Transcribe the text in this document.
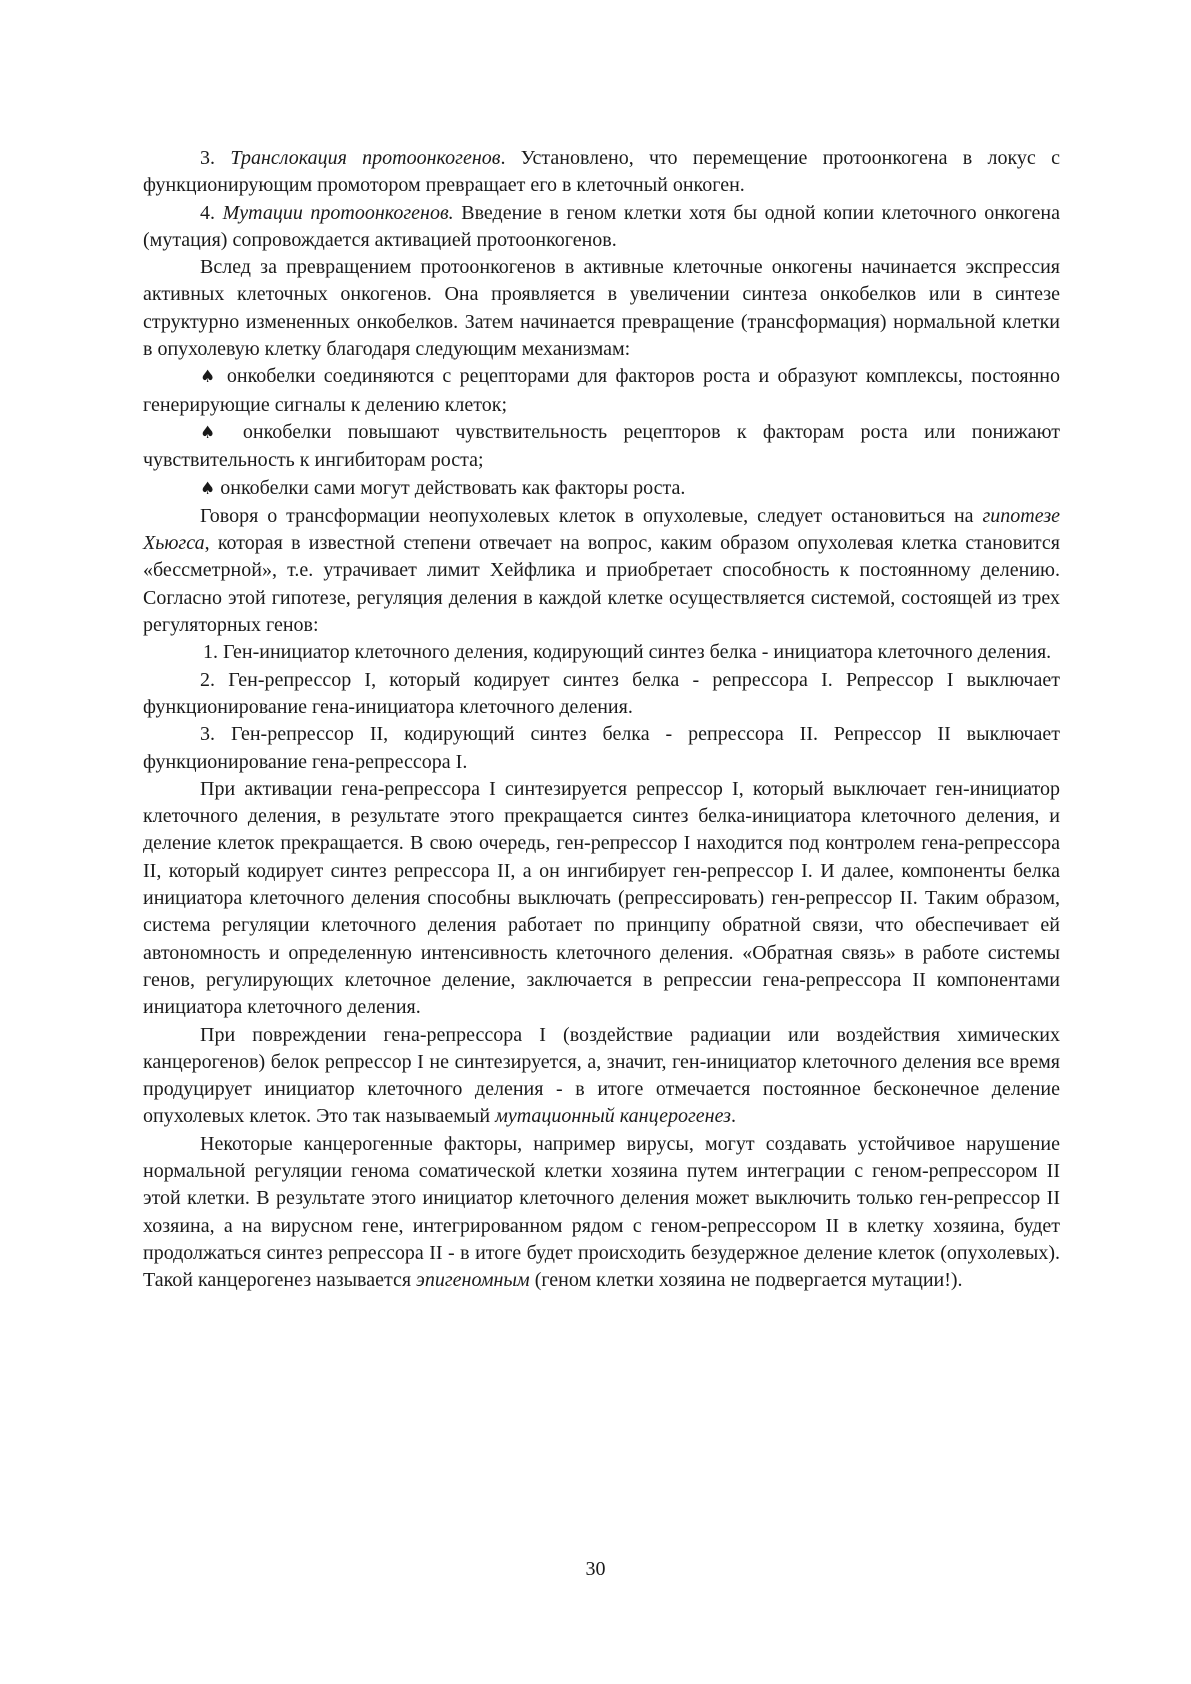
3. Транслокация протоонкогенов. Установлено, что перемещение протоонкогена в локус с функционирующим промотором превращает его в клеточный онкоген.

4. Мутации протоонкогенов. Введение в геном клетки хотя бы одной копии клеточного онкогена (мутация) сопровождается активацией протоонкогенов.

Вслед за превращением протоонкогенов в активные клеточные онкогены начинается экспрессия активных клеточных онкогенов. Она проявляется в увеличении синтеза онкобелков или в синтезе структурно измененных онкобелков. Затем начинается превращение (трансформация) нормальной клетки в опухолевую клетку благодаря следующим механизмам:

♠ онкобелки соединяются с рецепторами для факторов роста и образуют комплексы, постоянно генерирующие сигналы к делению клеток;

♠ онкобелки повышают чувствительность рецепторов к факторам роста или понижают чувствительность к ингибиторам роста;

♠ онкобелки сами могут действовать как факторы роста.

Говоря о трансформации неопухолевых клеток в опухолевые, следует остановиться на гипотезе Хьюгса, которая в известной степени отвечает на вопрос, каким образом опухолевая клетка становится «бессметрной», т.е. утрачивает лимит Хейфлика и приобретает способность к постоянному делению. Согласно этой гипотезе, регуляция деления в каждой клетке осуществляется системой, состоящей из трех регуляторных генов:

1. Ген-инициатор клеточного деления, кодирующий синтез белка - инициатора клеточного деления.

2. Ген-репрессор I, который кодирует синтез белка - репрессора I. Репрессор I выключает функционирование гена-инициатора клеточного деления.

3. Ген-репрессор II, кодирующий синтез белка - репрессора II. Репрессор II выключает функционирование гена-репрессора I.

При активации гена-репрессора I синтезируется репрессор I, который выключает ген-инициатор клеточного деления, в результате этого прекращается синтез белка-инициатора клеточного деления, и деление клеток прекращается. В свою очередь, ген-репрессор I находится под контролем гена-репрессора II, который кодирует синтез репрессора II, а он ингибирует ген-репрессор I. И далее, компоненты белка инициатора клеточного деления способны выключать (репрессировать) ген-репрессор II. Таким образом, система регуляции клеточного деления работает по принципу обратной связи, что обеспечивает ей автономность и определенную интенсивность клеточного деления. «Обратная связь» в работе системы генов, регулирующих клеточное деление, заключается в репрессии гена-репрессора II компонентами инициатора клеточного деления.

При повреждении гена-репрессора I (воздействие радиации или воздействия химических канцерогенов) белок репрессор I не синтезируется, а, значит, ген-инициатор клеточного деления все время продуцирует инициатор клеточного деления - в итоге отмечается постоянное бесконечное деление опухолевых клеток. Это так называемый мутационный канцерогенез.

Некоторые канцерогенные факторы, например вирусы, могут создавать устойчивое нарушение нормальной регуляции генома соматической клетки хозяина путем интеграции с геном-репрессором II этой клетки. В результате этого инициатор клеточного деления может выключить только ген-репрессор II хозяина, а на вирусном гене, интегрированном рядом с геном-репрессором II в клетку хозяина, будет продолжаться синтез репрессора II - в итоге будет происходить безудержное деление клеток (опухолевых). Такой канцерогенез называется эпигеномным (геном клетки хозяина не подвергается мутации!).

30
